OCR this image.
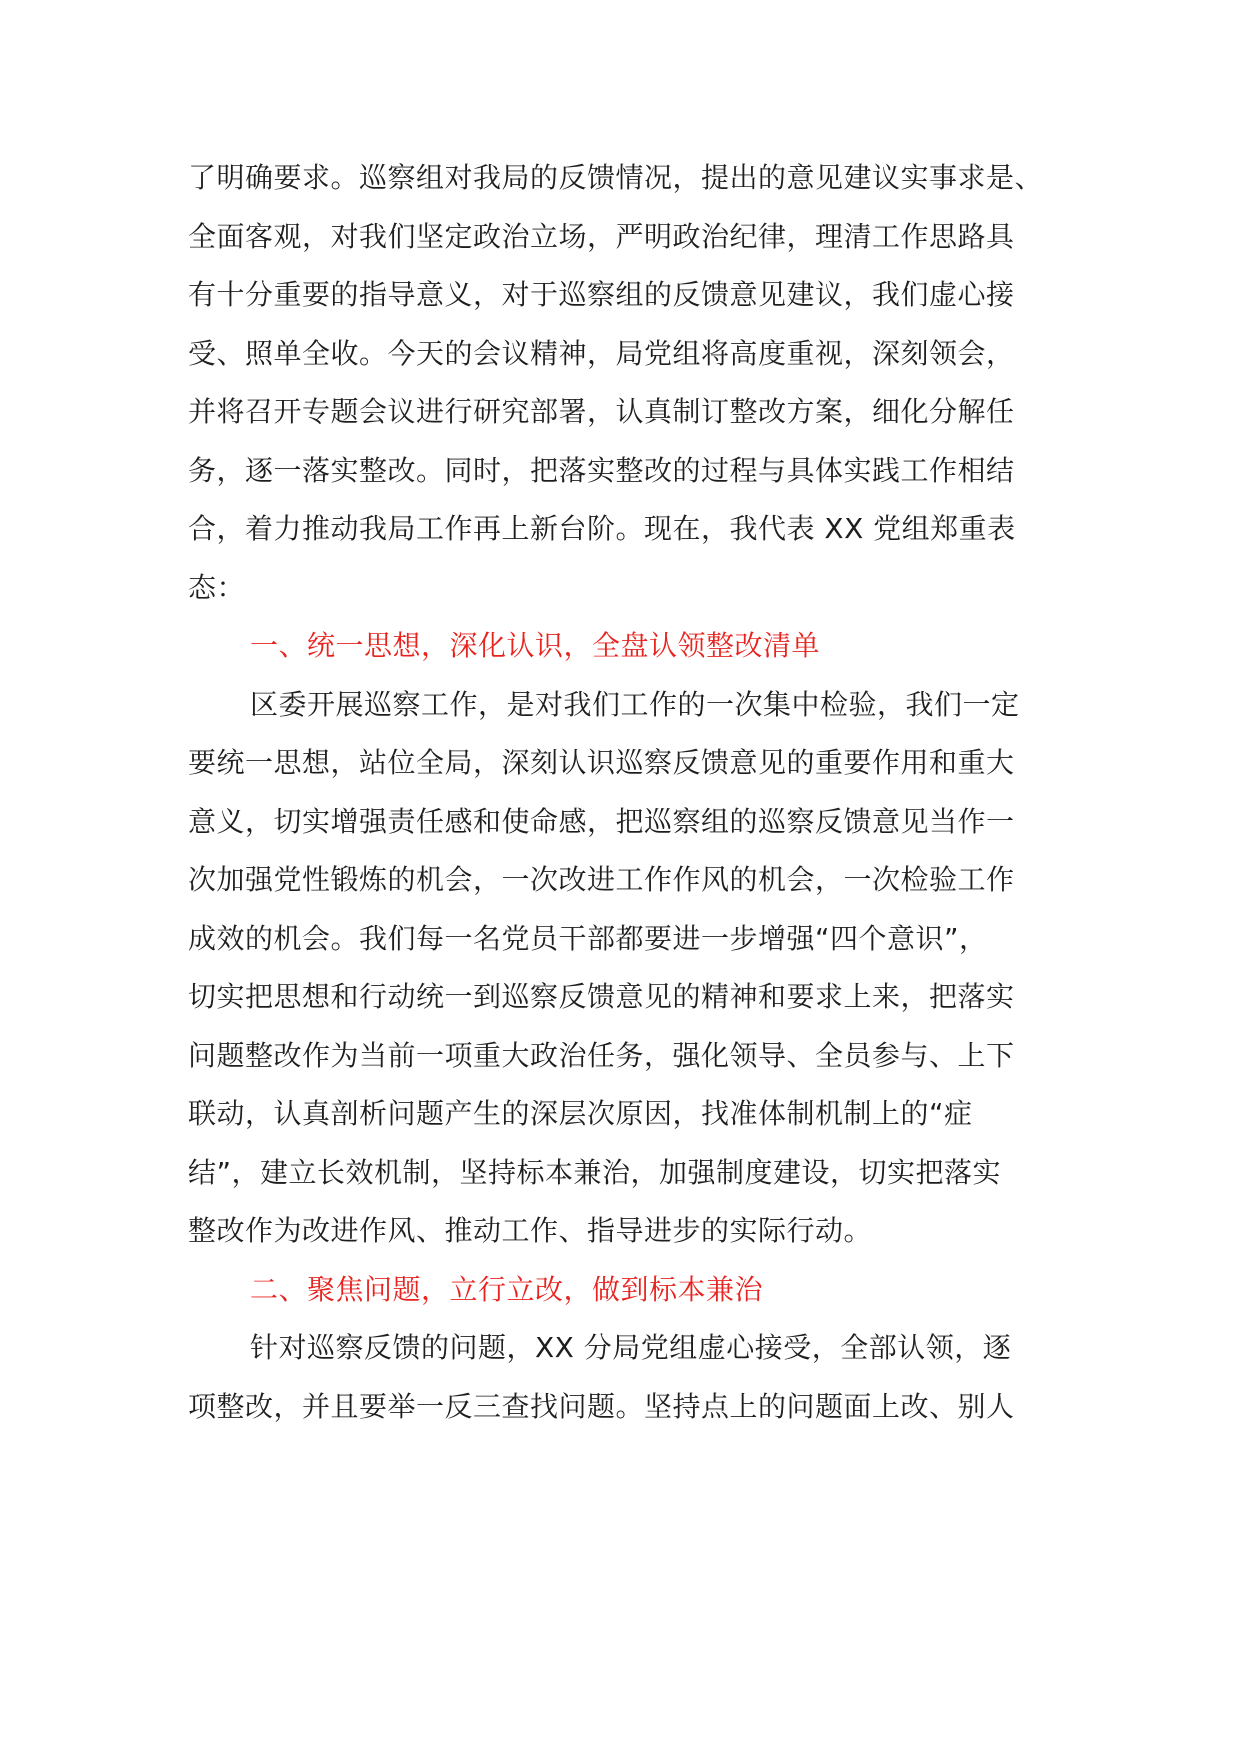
了明确要求。巡察组对我局的反馈情况，提出的意见建议实事求是、
全面客观，对我们坚定政治立场，严明政治纪律，理清工作思路具
有十分重要的指导意义，对于巡察组的反馈意见建议，我们虚心接
受、照单全收。今天的会议精神，局党组将高度重视，深刻领会，
并将召开专题会议进行研究部署，认真制订整改方案，细化分解任
务，逐一落实整改。同时，把落实整改的过程与具体实践工作相结
合，着力推动我局工作再上新台阶。现在，我代表 XX 党组郑重表
态：
一、统一思想，深化认识，全盘认领整改清单
区委开展巡察工作，是对我们工作的一次集中检验，我们一定
要统一思想，站位全局，深刻认识巡察反馈意见的重要作用和重大
意义，切实增强责任感和使命感，把巡察组的巡察反馈意见当作一
次加强党性锻炼的机会，一次改进工作作风的机会，一次检验工作
成效的机会。我们每一名党员干部都要进一步增强“四个意识”，
切实把思想和行动统一到巡察反馈意见的精神和要求上来，把落实
问题整改作为当前一项重大政治任务，强化领导、全员参与、上下
联动，认真剖析问题产生的深层次原因，找准体制机制上的“症
结”，建立长效机制，坚持标本兼治，加强制度建设，切实把落实
整改作为改进作风、推动工作、指导进步的实际行动。
二、聚焦问题，立行立改，做到标本兼治
针对巡察反馈的问题，XX 分局党组虚心接受，全部认领，逐
项整改，并且要举一反三查找问题。坚持点上的问题面上改、别人
